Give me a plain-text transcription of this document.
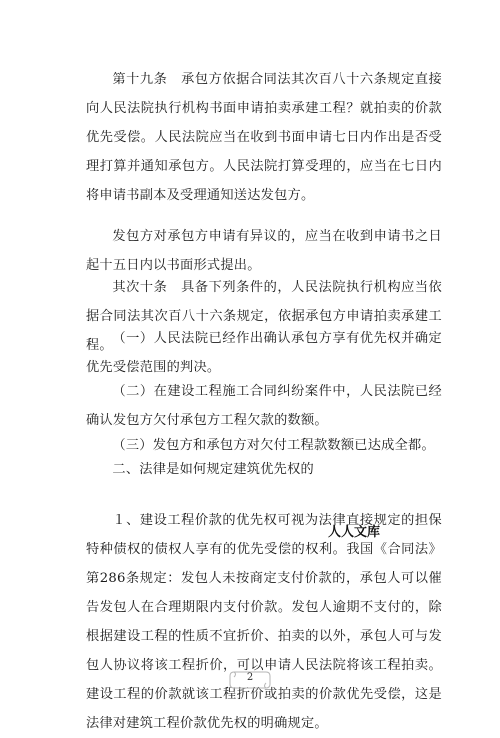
第十九条　承包方依据合同法其次百八十六条规定直接向人民法院执行机构书面申请拍卖承建工程？就拍卖的价款优先受偿。人民法院应当在收到书面申请七日内作出是否受理打算并通知承包方。人民法院打算受理的，应当在七日内将申请书副本及受理通知送达发包方。

发包方对承包方申请有异议的，应当在收到申请书之日起十五日内以书面形式提出。

其次十条　具备下列条件的，人民法院执行机构应当依据合同法其次百八十六条规定，依据承包方申请拍卖承建工程。 （一）人民法院已经作出确认承包方享有优先权并确定优先受偿范围的判决。

（二）在建设工程施工合同纠纷案件中，人民法院已经确认发包方欠付承包方工程欠款的数额。

（三）发包方和承包方对欠付工程款数额已达成全都。

二、法律是如何规定建筑优先权的

１、建设工程价款的优先权可视为法律直接规定的担保特种债权的债权人享有的优先受偿的权利。我国《合同法》第286条规定：发包人未按商定支付价款的，承包人可以催告发包人在合理期限内支付价款。发包人逾期不支付的，除根据建设工程的性质不宜折价、拍卖的以外，承包人可与发包人协议将该工程折价，可以申请人民法院将该工程拍卖。建设工程的价款就该工程折价或拍卖的价款优先受偿，这是法律对建筑工程价款优先权的明确规定。

人人文库
2
